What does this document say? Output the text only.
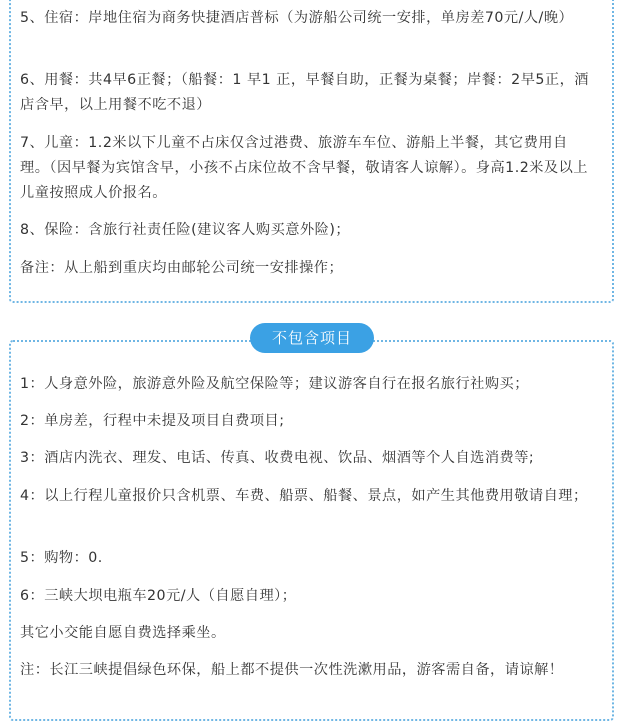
5、住宿：岸地住宿为商务快捷酒店普标（为游船公司统一安排，单房差70元/人/晚）

6、用餐：共4早6正餐；（船餐：1 早1 正，早餐自助，正餐为桌餐；岸餐：2早5正，酒店含早，以上用餐不吃不退）

7、儿童：1.2米以下儿童不占床仅含过港费、旅游车车位、游船上半餐，其它费用自理。（因早餐为宾馆含早，小孩不占床位故不含早餐，敬请客人谅解）。身高1.2米及以上儿童按照成人价报名。

8、保险：含旅行社责任险(建议客人购买意外险)；

备注：从上船到重庆均由邮轮公司统一安排操作；

不包含项目

1：人身意外险，旅游意外险及航空保险等；建议游客自行在报名旅行社购买；

2：单房差，行程中未提及项目自费项目;

3：酒店内洗衣、理发、电话、传真、收费电视、饮品、烟酒等个人自选消费等;

4：以上行程儿童报价只含机票、车费、船票、船餐、景点，如产生其他费用敬请自理；

5：购物：0.

6：三峡大坝电瓶车20元/人（自愿自理）；

其它小交能自愿自费选择乘坐。

注：长江三峡提倡绿色环保，船上都不提供一次性洗漱用品，游客需自备，请谅解！
